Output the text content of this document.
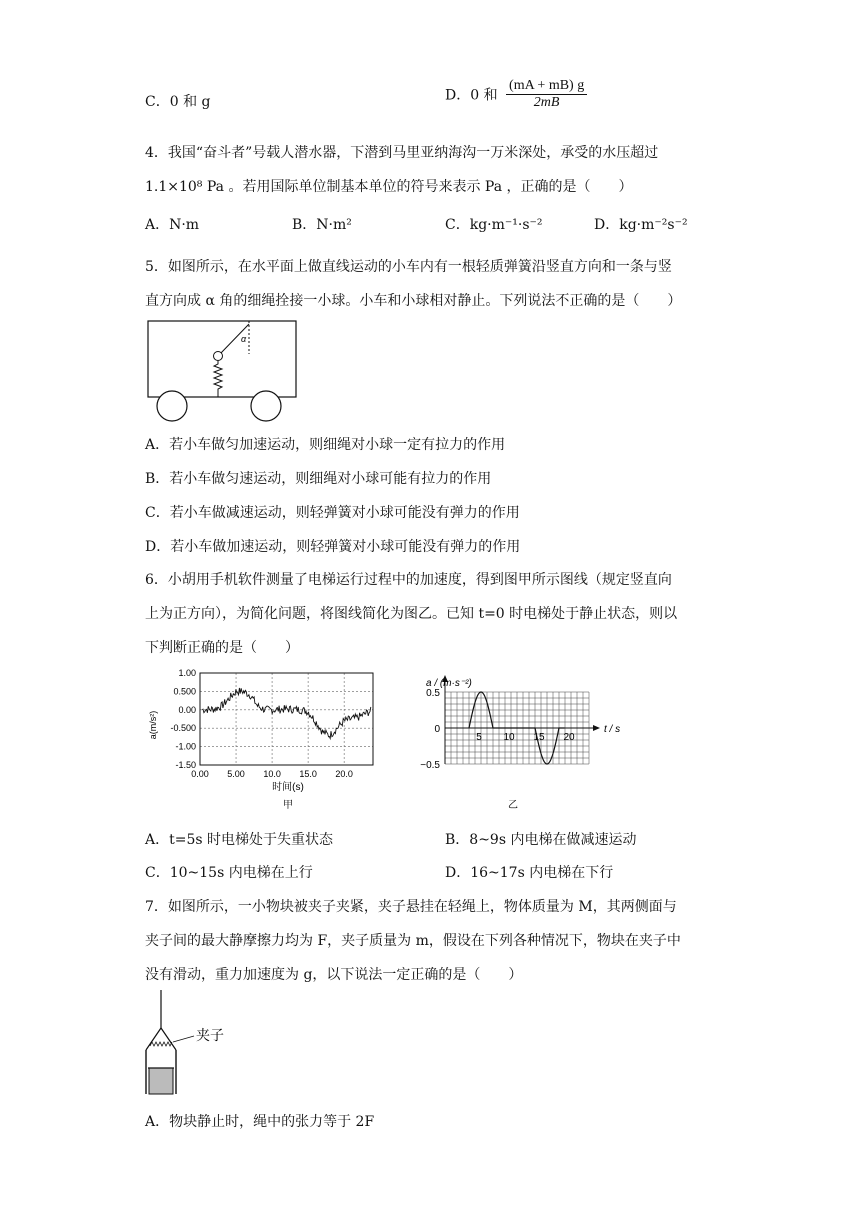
C．0 和 g	D．0 和 $\frac{(mA + mB) g}{2mB}$
4．我国“奋斗者”号载人潜水器，下潜到马里亚纳海沟一万米深处，承受的水压超过
1.1×10⁸ Pa 。若用国际单位制基本单位的符号来表示 Pa ，正确的是（　　）
A．N·m	B．N·m²	C．kg·m⁻¹·s⁻²	D．kg·m⁻²s⁻²
5．如图所示，在水平面上做直线运动的小车内有一根轻质弹簧沿竖直方向和一条与竖
直方向成 α 角的细绳拴接一小球。小车和小球相对静止。下列说法不正确的是（　　）
α
A．若小车做匀加速运动，则细绳对小球一定有拉力的作用
B．若小车做匀速运动，则细绳对小球可能有拉力的作用
C．若小车做减速运动，则轻弹簧对小球可能没有弹力的作用
D．若小车做加速运动，则轻弹簧对小球可能没有弹力的作用
6．小胡用手机软件测量了电梯运行过程中的加速度，得到图甲所示图线（规定竖直向
上为正方向），为简化问题，将图线简化为图乙。已知 t=0 时电梯处于静止状态，则以
下判断正确的是（　　）
1.00
0.500
0.00
-0.500
-1.00
-1.50
0.00 5.00 10.0 15.0 20.0
a(m/s²)
时间(s)
甲
0.5
0
−0.5
5 10 15 20
a / (m·s⁻²)
t / s
乙
A．t=5s 时电梯处于失重状态	B．8~9s 内电梯在做减速运动
C．10~15s 内电梯在上行	D．16~17s 内电梯在下行
7．如图所示，一小物块被夹子夹紧，夹子悬挂在轻绳上，物体质量为 M，其两侧面与
夹子间的最大静摩擦力均为 F，夹子质量为 m，假设在下列各种情况下，物块在夹子中
没有滑动，重力加速度为 g，以下说法一定正确的是（　　）
夹子
A．物块静止时，绳中的张力等于 2F
